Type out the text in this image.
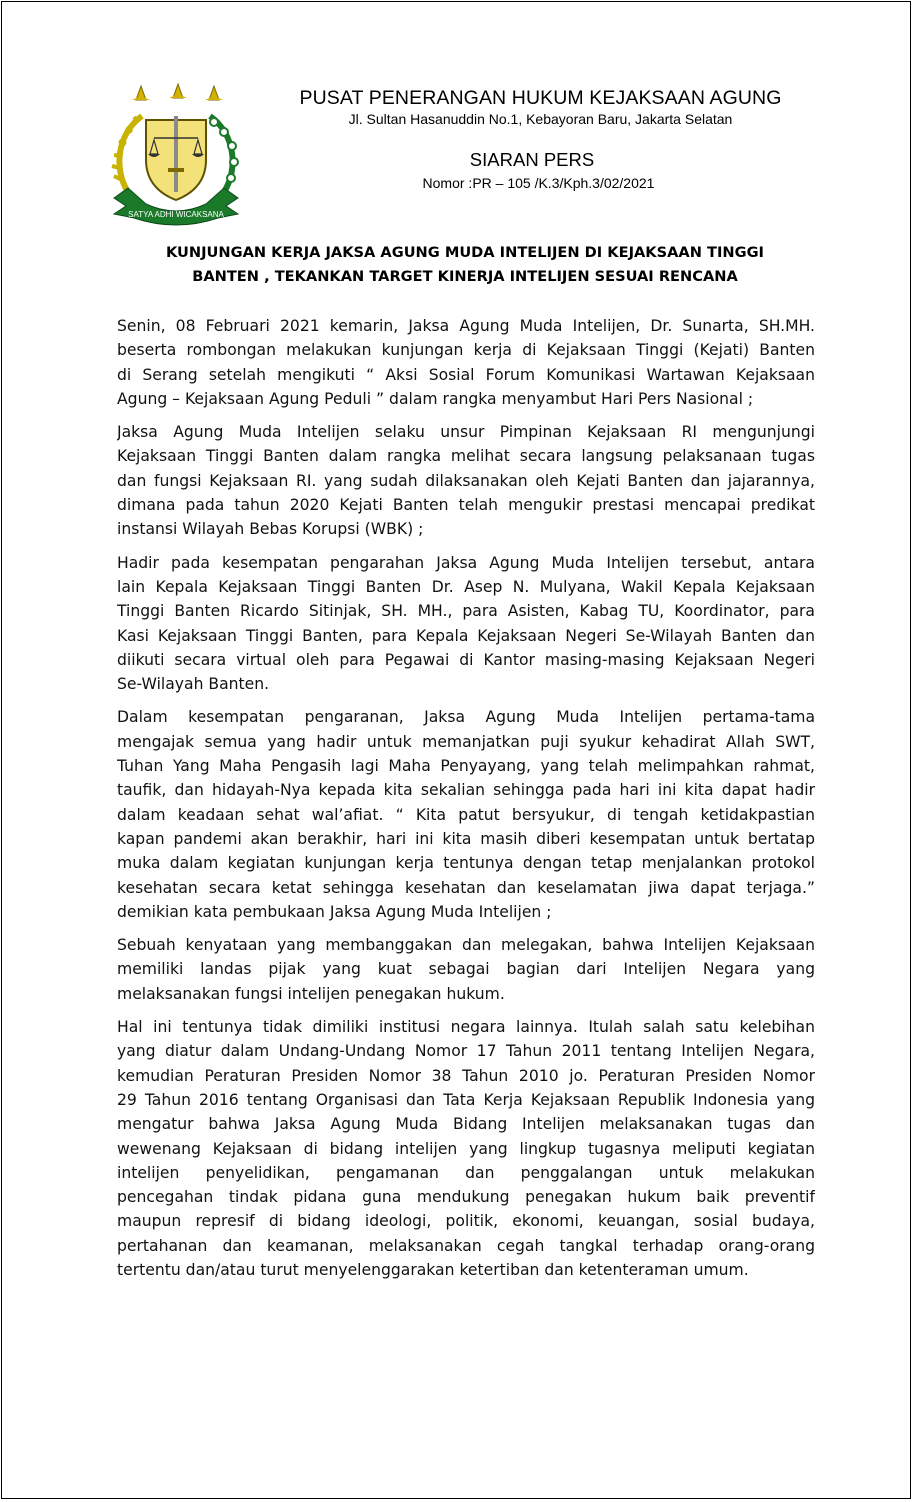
SATYA ADHI WICAKSANA
PUSAT PENERANGAN HUKUM KEJAKSAAN AGUNG
Jl. Sultan Hasanuddin No.1, Kebayoran Baru, Jakarta Selatan
SIARAN PERS
Nomor :PR – 105 /K.3/Kph.3/02/2021
KUNJUNGAN KERJA JAKSA AGUNG MUDA INTELIJEN DI KEJAKSAAN TINGGI
BANTEN , TEKANKAN TARGET KINERJA INTELIJEN SESUAI RENCANA
Senin, 08 Februari 2021 kemarin, Jaksa Agung Muda Intelijen, Dr. Sunarta, SH.MH.
beserta rombongan melakukan kunjungan kerja di Kejaksaan Tinggi (Kejati) Banten
di Serang setelah mengikuti “ Aksi Sosial Forum Komunikasi Wartawan Kejaksaan
Agung – Kejaksaan Agung Peduli ” dalam rangka menyambut Hari Pers Nasional ;
Jaksa Agung Muda Intelijen selaku unsur Pimpinan Kejaksaan RI mengunjungi
Kejaksaan Tinggi Banten dalam rangka melihat secara langsung pelaksanaan tugas
dan fungsi Kejaksaan RI. yang sudah dilaksanakan oleh Kejati Banten dan jajarannya,
dimana pada tahun 2020 Kejati Banten telah mengukir prestasi mencapai predikat
instansi Wilayah Bebas Korupsi (WBK) ;
Hadir pada kesempatan pengarahan Jaksa Agung Muda Intelijen tersebut, antara
lain Kepala Kejaksaan Tinggi Banten Dr. Asep N. Mulyana, Wakil Kepala Kejaksaan
Tinggi Banten Ricardo Sitinjak, SH. MH., para Asisten, Kabag TU, Koordinator, para
Kasi Kejaksaan Tinggi Banten, para Kepala Kejaksaan Negeri Se-Wilayah Banten dan
diikuti secara virtual oleh para Pegawai di Kantor masing-masing Kejaksaan Negeri
Se-Wilayah Banten.
Dalam kesempatan pengaranan, Jaksa Agung Muda Intelijen pertama-tama
mengajak semua yang hadir untuk memanjatkan puji syukur kehadirat Allah SWT,
Tuhan Yang Maha Pengasih lagi Maha Penyayang, yang telah melimpahkan rahmat,
taufik, dan hidayah-Nya kepada kita sekalian sehingga pada hari ini kita dapat hadir
dalam keadaan sehat wal’afiat. “ Kita patut bersyukur, di tengah ketidakpastian
kapan pandemi akan berakhir, hari ini kita masih diberi kesempatan untuk bertatap
muka dalam kegiatan kunjungan kerja tentunya dengan tetap menjalankan protokol
kesehatan secara ketat sehingga kesehatan dan keselamatan jiwa dapat terjaga.”
demikian kata pembukaan Jaksa Agung Muda Intelijen ;
Sebuah kenyataan yang membanggakan dan melegakan, bahwa Intelijen Kejaksaan
memiliki landas pijak yang kuat sebagai bagian dari Intelijen Negara yang
melaksanakan fungsi intelijen penegakan hukum.
Hal ini tentunya tidak dimiliki institusi negara lainnya. Itulah salah satu kelebihan
yang diatur dalam Undang-Undang Nomor 17 Tahun 2011 tentang Intelijen Negara,
kemudian Peraturan Presiden Nomor 38 Tahun 2010 jo. Peraturan Presiden Nomor
29 Tahun 2016 tentang Organisasi dan Tata Kerja Kejaksaan Republik Indonesia yang
mengatur bahwa Jaksa Agung Muda Bidang Intelijen melaksanakan tugas dan
wewenang Kejaksaan di bidang intelijen yang lingkup tugasnya meliputi kegiatan
intelijen penyelidikan, pengamanan dan penggalangan untuk melakukan
pencegahan tindak pidana guna mendukung penegakan hukum baik preventif
maupun represif di bidang ideologi, politik, ekonomi, keuangan, sosial budaya,
pertahanan dan keamanan, melaksanakan cegah tangkal terhadap orang-orang
tertentu dan/atau turut menyelenggarakan ketertiban dan ketenteraman umum.
